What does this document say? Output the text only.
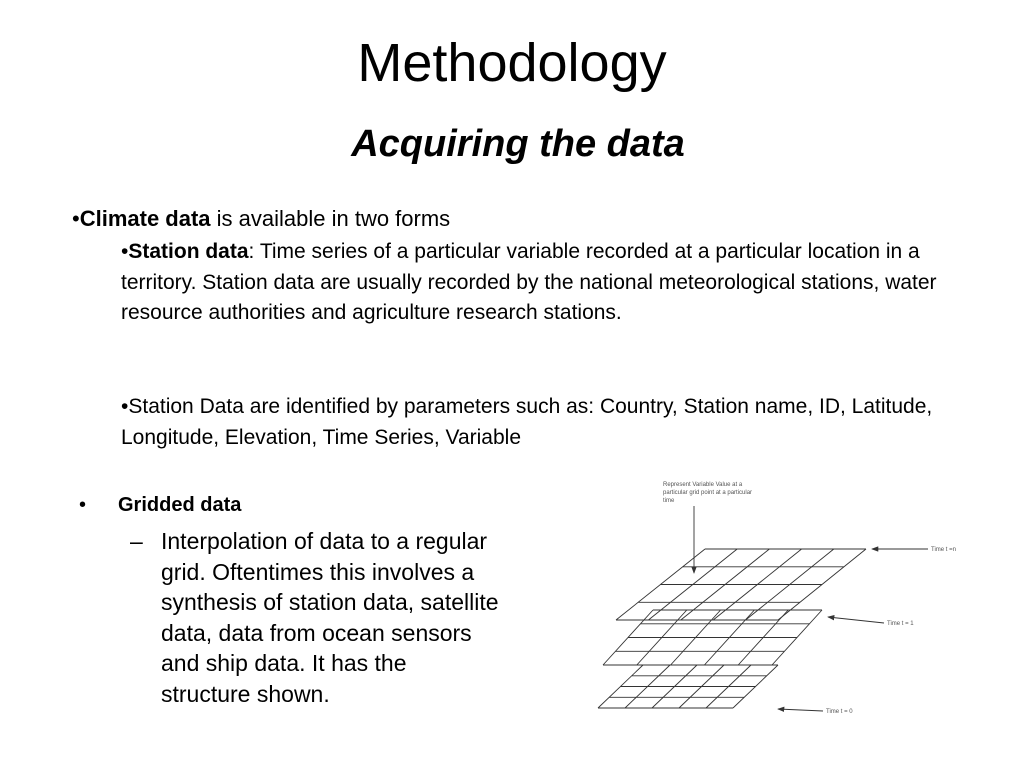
Methodology
Acquiring the data
•Climate data is available in two forms
•Station data: Time series of a particular variable recorded at a particular location in a territory. Station data are usually recorded by the national meteorological stations, water resource authorities and agriculture research stations.
•Station Data are identified by parameters such as: Country, Station name, ID, Latitude, Longitude, Elevation, Time Series, Variable
• Gridded data
– Interpolation of data to a regular grid. Oftentimes this involves a synthesis of station data, satellite data, data from ocean sensors and ship data. It has the structure shown.
Represent Variable Value at a
particular grid point at a particular
time
Time t =n
Time t = 1
Time t = 0
